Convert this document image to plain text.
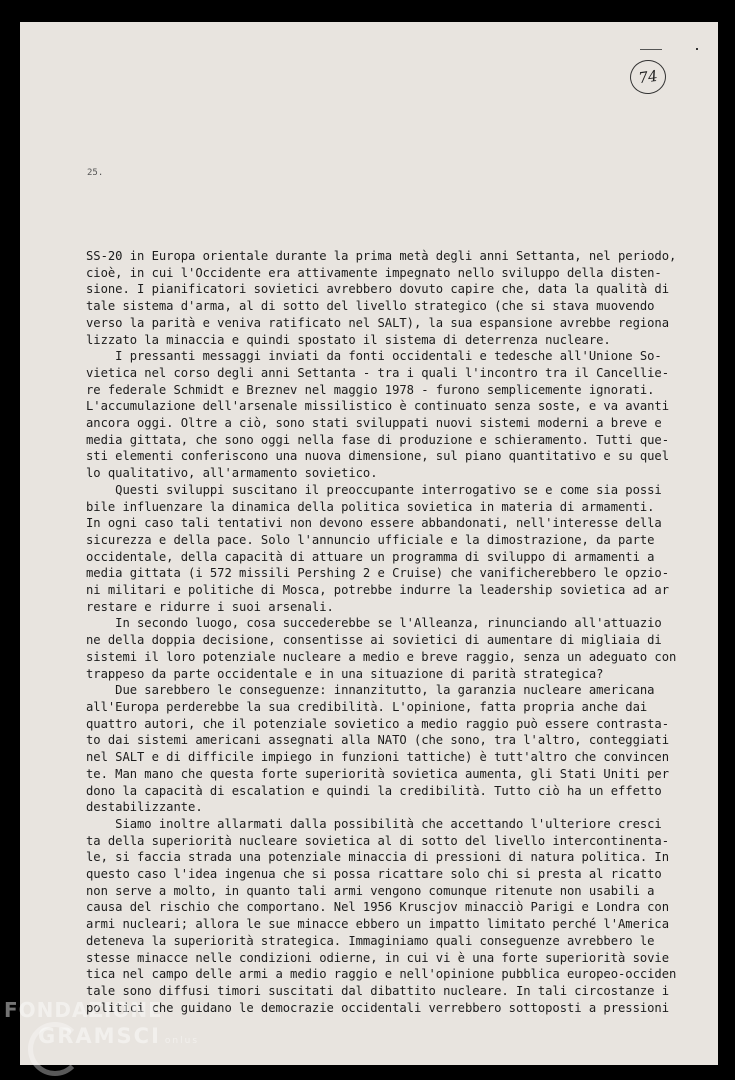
74
25.
SS-20 in Europa orientale durante la prima metà degli anni Settanta, nel periodo,
cioè, in cui l'Occidente era attivamente impegnato nello sviluppo della disten-
sione. I pianificatori sovietici avrebbero dovuto capire che, data la qualità di
tale sistema d'arma, al di sotto del livello strategico (che si stava muovendo
verso la parità e veniva ratificato nel SALT), la sua espansione avrebbe regiona
lizzato la minaccia e quindi spostato il sistema di deterrenza nucleare.
I pressanti messaggi inviati da fonti occidentali e tedesche all'Unione So-
vietica nel corso degli anni Settanta - tra i quali l'incontro tra il Cancellie-
re federale Schmidt e Breznev nel maggio 1978 - furono semplicemente ignorati.
L'accumulazione dell'arsenale missilistico è continuato senza soste, e va avanti
ancora oggi. Oltre a ciò, sono stati sviluppati nuovi sistemi moderni a breve e
media gittata, che sono oggi nella fase di produzione e schieramento. Tutti que-
sti elementi conferiscono una nuova dimensione, sul piano quantitativo e su quel
lo qualitativo, all'armamento sovietico.
Questi sviluppi suscitano il preoccupante interrogativo se e come sia possi
bile influenzare la dinamica della politica sovietica in materia di armamenti.
In ogni caso tali tentativi non devono essere abbandonati, nell'interesse della
sicurezza e della pace. Solo l'annuncio ufficiale e la dimostrazione, da parte
occidentale, della capacità di attuare un programma di sviluppo di armamenti a
media gittata (i 572 missili Pershing 2 e Cruise) che vanificherebbero le opzio-
ni militari e politiche di Mosca, potrebbe indurre la leadership sovietica ad ar
restare e ridurre i suoi arsenali.
In secondo luogo, cosa succederebbe se l'Alleanza, rinunciando all'attuazio
ne della doppia decisione, consentisse ai sovietici di aumentare di migliaia di
sistemi il loro potenziale nucleare a medio e breve raggio, senza un adeguato con
trappeso da parte occidentale e in una situazione di parità strategica?
Due sarebbero le conseguenze: innanzitutto, la garanzia nucleare americana
all'Europa perderebbe la sua credibilità. L'opinione, fatta propria anche dai
quattro autori, che il potenziale sovietico a medio raggio può essere contrasta-
to dai sistemi americani assegnati alla NATO (che sono, tra l'altro, conteggiati
nel SALT e di difficile impiego in funzioni tattiche) è tutt'altro che convincen
te. Man mano che questa forte superiorità sovietica aumenta, gli Stati Uniti per
dono la capacità di escalation e quindi la credibilità. Tutto ciò ha un effetto
destabilizzante.
Siamo inoltre allarmati dalla possibilità che accettando l'ulteriore cresci
ta della superiorità nucleare sovietica al di sotto del livello intercontinenta-
le, si faccia strada una potenziale minaccia di pressioni di natura politica. In
questo caso l'idea ingenua che si possa ricattare solo chi si presta al ricatto
non serve a molto, in quanto tali armi vengono comunque ritenute non usabili a
causa del rischio che comportano. Nel 1956 Kruscjov minacciò Parigi e Londra con
armi nucleari; allora le sue minacce ebbero un impatto limitato perché l'America
deteneva la superiorità strategica. Immaginiamo quali conseguenze avrebbero le
stesse minacce nelle condizioni odierne, in cui vi è una forte superiorità sovie
tica nel campo delle armi a medio raggio e nell'opinione pubblica europeo-occiden
tale sono diffusi timori suscitati dal dibattito nucleare. In tali circostanze i
politici che guidano le democrazie occidentali verrebbero sottoposti a pressioni
FONDAZIONE
GRAMSCI onlus
